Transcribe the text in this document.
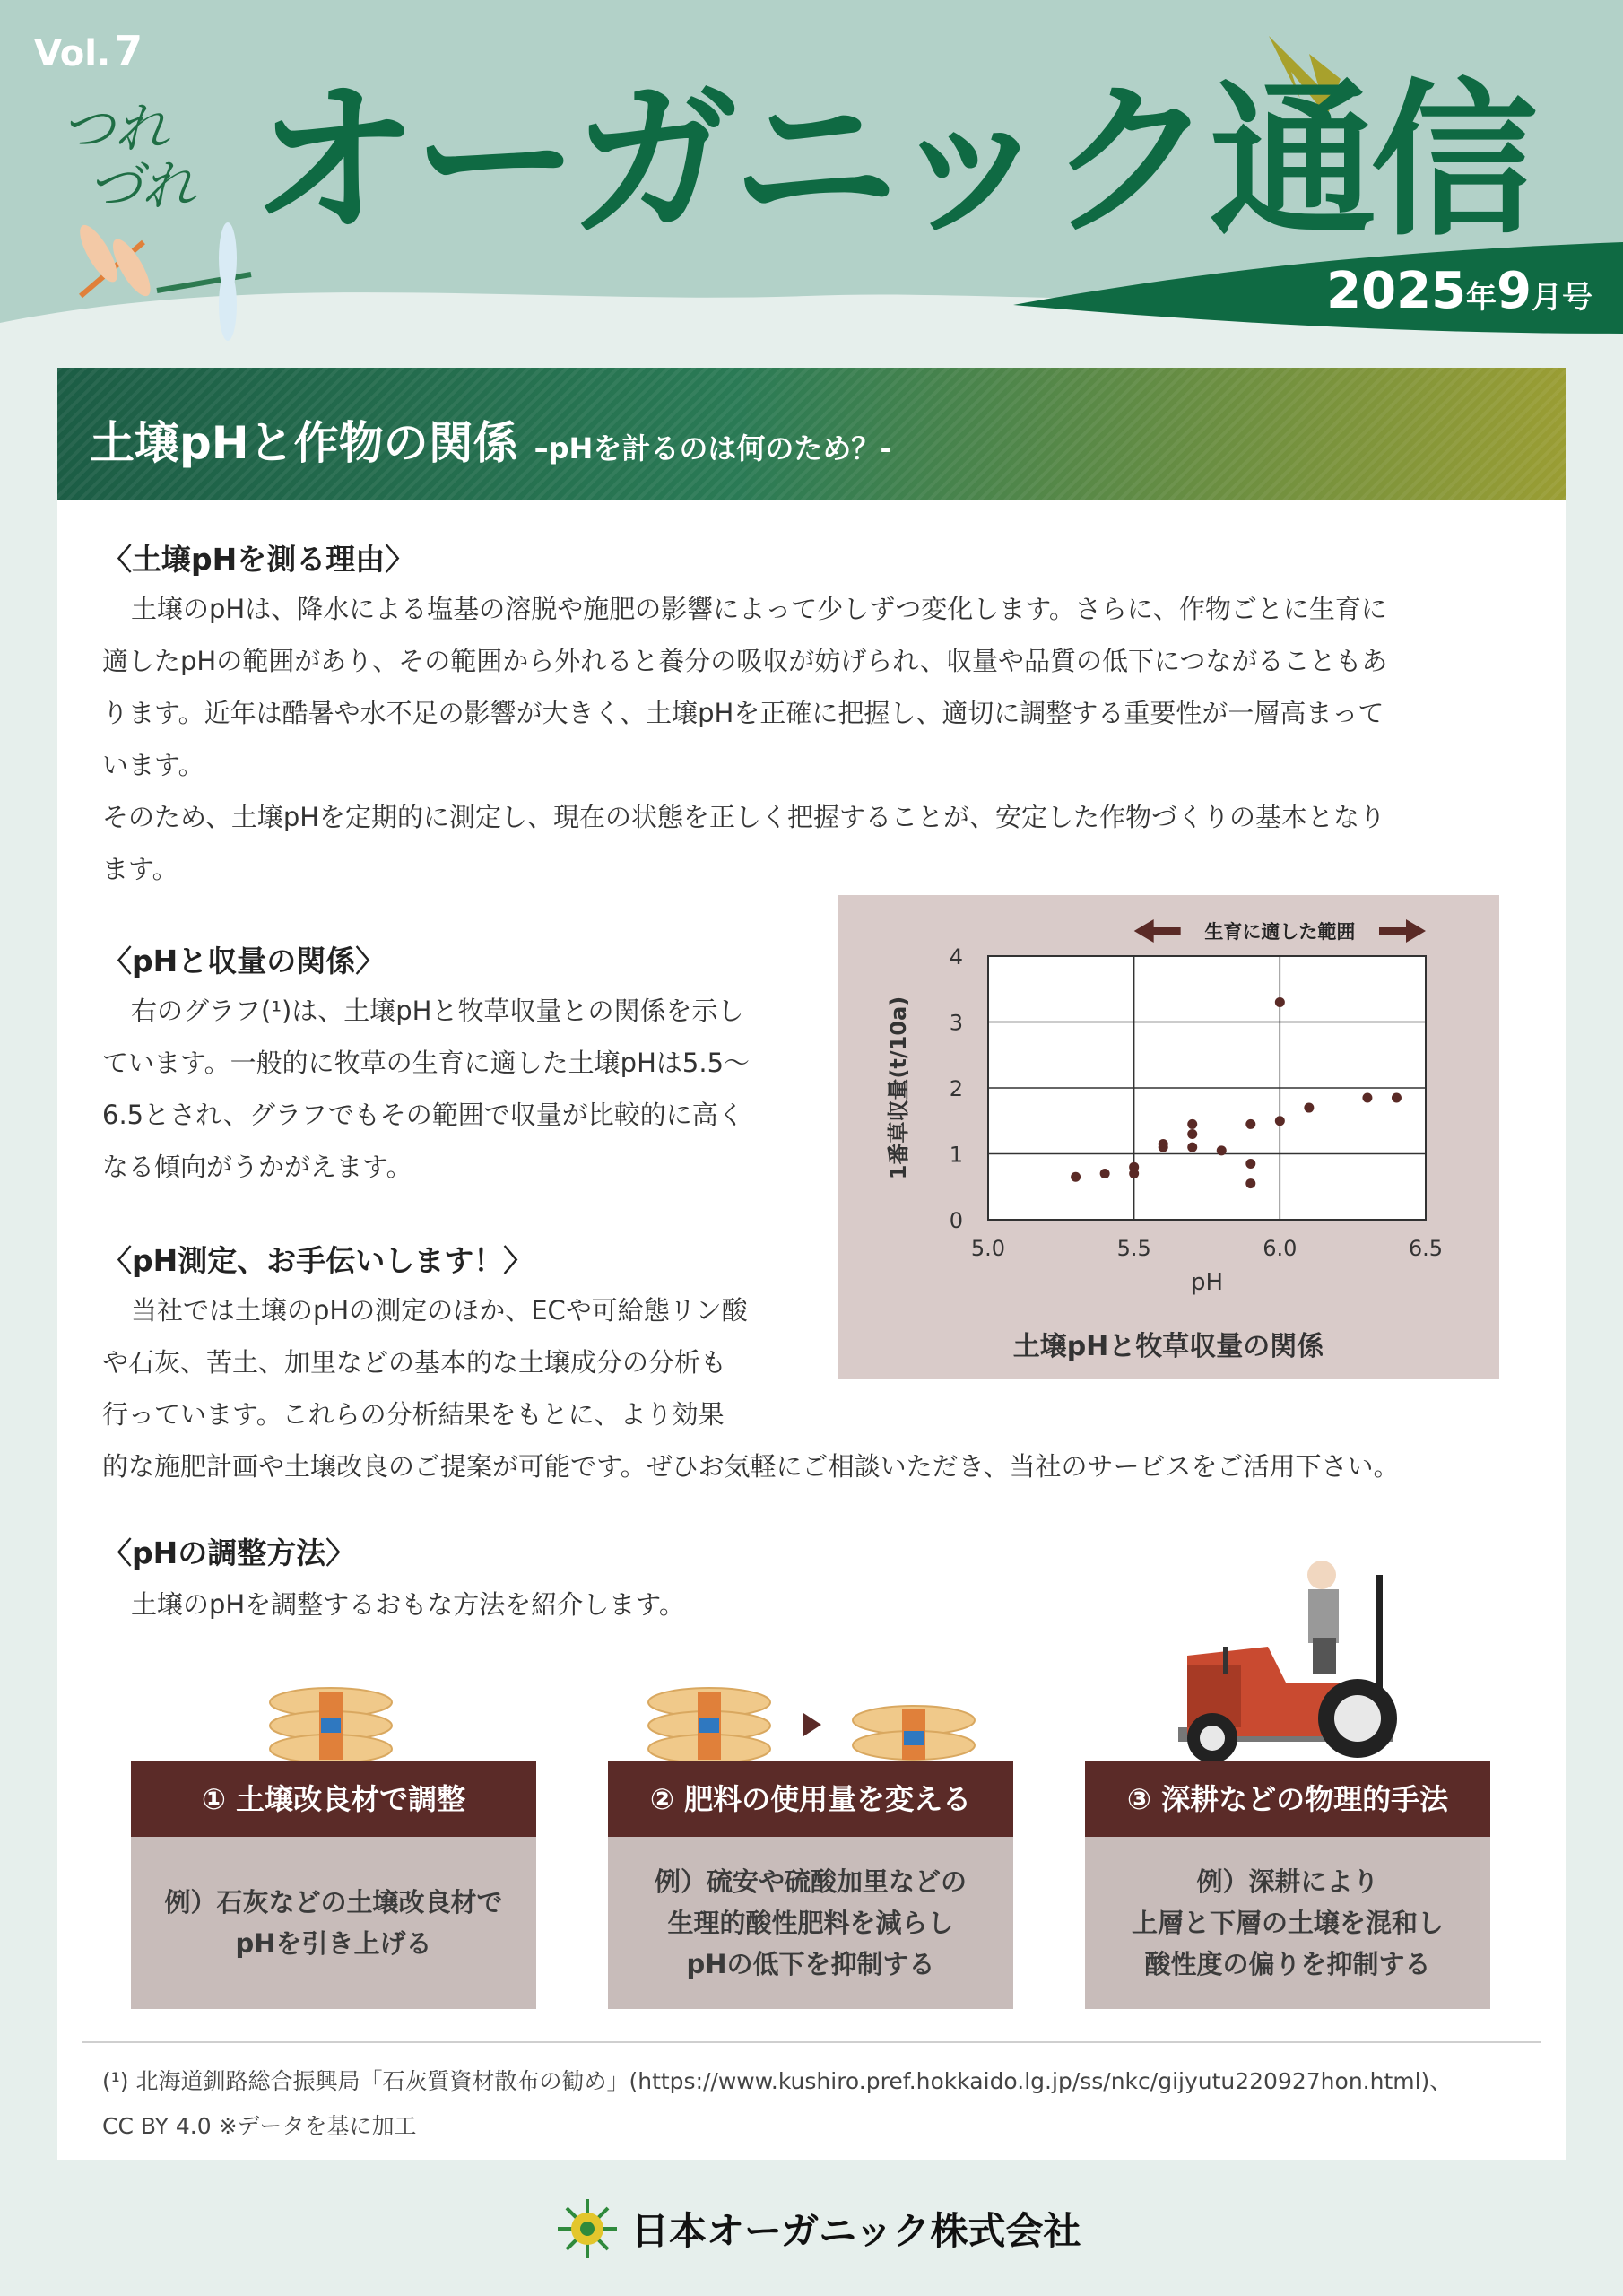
Vol.7
つれ
づれ オーガニック通信
2025年9月号
土壌pHと作物の関係 –pHを計るのは何のため？-
〈土壌pHを測る理由〉

土壌のpHは、降水による塩基の溶脱や施肥の影響によって少しずつ変化します。さらに、作物ごとに生育に

適したpHの範囲があり、その範囲から外れると養分の吸収が妨げられ、収量や品質の低下につながることもあ

ります。近年は酷暑や水不足の影響が大きく、土壌pHを正確に把握し、適切に調整する重要性が一層高まって

います。

そのため、土壌pHを定期的に測定し、現在の状態を正しく把握することが、安定した作物づくりの基本となり

ます。

〈pHと収量の関係〉

右のグラフ(¹)は、土壌pHと牧草収量との関係を示し

ています。一般的に牧草の生育に適した土壌pHは5.5〜

6.5とされ、グラフでもその範囲で収量が比較的に高く

なる傾向がうかがえます。

〈pH測定、お手伝いします！〉

当社では土壌のpHの測定のほか、ECや可給態リン酸

や石灰、苦土、加里などの基本的な土壌成分の分析も

行っています。これらの分析結果をもとに、より効果

的な施肥計画や土壌改良のご提案が可能です。ぜひお気軽にご相談いただき、当社のサービスをご活用下さい。

0
1
2
3
4
5.0	5.5	6.0	6.5
pH
1番草収量(t/10a)
生育に適した範囲
土壌pHと牧草収量の関係
〈pHの調整方法〉

土壌のpHを調整するおもな方法を紹介します。

① 土壌改良材で調整
例）石灰などの土壌改良材で
pHを引き上げる
② 肥料の使用量を変える
例）硫安や硫酸加里などの
生理的酸性肥料を減らし
pHの低下を抑制する
③ 深耕などの物理的手法
例）深耕により
上層と下層の土壌を混和し
酸性度の偏りを抑制する

(¹) 北海道釧路総合振興局「石灰質資材散布の勧め」(https://www.kushiro.pref.hokkaido.lg.jp/ss/nkc/gijyutu220927hon.html)、

CC BY 4.0 ※データを基に加工

日本オーガニック株式会社
